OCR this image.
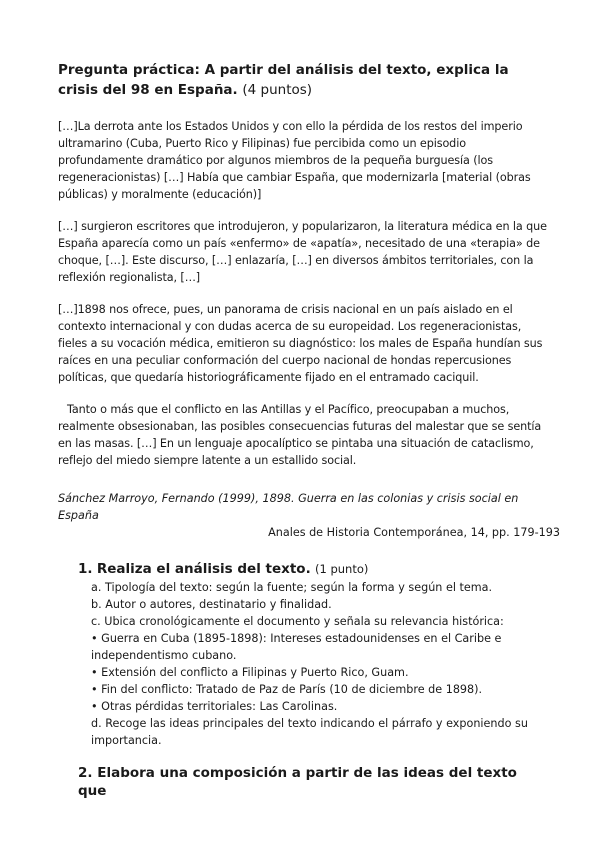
Pregunta práctica: A partir del análisis del texto, explica la crisis del 98 en España. (4 puntos)
[…]La derrota ante los Estados Unidos y con ello la pérdida de los restos del imperio ultramarino (Cuba, Puerto Rico y Filipinas) fue percibida como un episodio profundamente dramático por algunos miembros de la pequeña burguesía (los regeneracionistas) […] Había que cambiar España, que modernizarla [material (obras públicas) y moralmente (educación)]
[…] surgieron escritores que introdujeron, y popularizaron, la literatura médica en la que España aparecía como un país «enfermo» de «apatía», necesitado de una «terapia» de choque, […]. Este discurso, […] enlazaría, […] en diversos ámbitos territoriales, con la reflexión regionalista, […]
[…]1898 nos ofrece, pues, un panorama de crisis nacional en un país aislado en el contexto internacional y con dudas acerca de su europeidad. Los regeneracionistas, fieles a su vocación médica, emitieron su diagnóstico: los males de España hundían sus raíces en una peculiar conformación del cuerpo nacional de hondas repercusiones políticas, que quedaría historiográficamente fijado en el entramado caciquil.
Tanto o más que el conflicto en las Antillas y el Pacífico, preocupaban a muchos, realmente obsesionaban, las posibles consecuencias futuras del malestar que se sentía en las masas. […] En un lenguaje apocalíptico se pintaba una situación de cataclismo, reflejo del miedo siempre latente a un estallido social.
Sánchez Marroyo, Fernando (1999), 1898. Guerra en las colonias y crisis social en España
Anales de Historia Contemporánea, 14, pp. 179-193
1. Realiza el análisis del texto. (1 punto)
a. Tipología del texto: según la fuente; según la forma y según el tema.
b. Autor o autores, destinatario y finalidad.
c. Ubica cronológicamente el documento y señala su relevancia histórica:
• Guerra en Cuba (1895-1898): Intereses estadounidenses en el Caribe e independentismo cubano.
• Extensión del conflicto a Filipinas y Puerto Rico, Guam.
• Fin del conflicto: Tratado de Paz de París (10 de diciembre de 1898).
• Otras pérdidas territoriales: Las Carolinas.
d. Recoge las ideas principales del texto indicando el párrafo y exponiendo su importancia.
2. Elabora una composición a partir de las ideas del texto que
